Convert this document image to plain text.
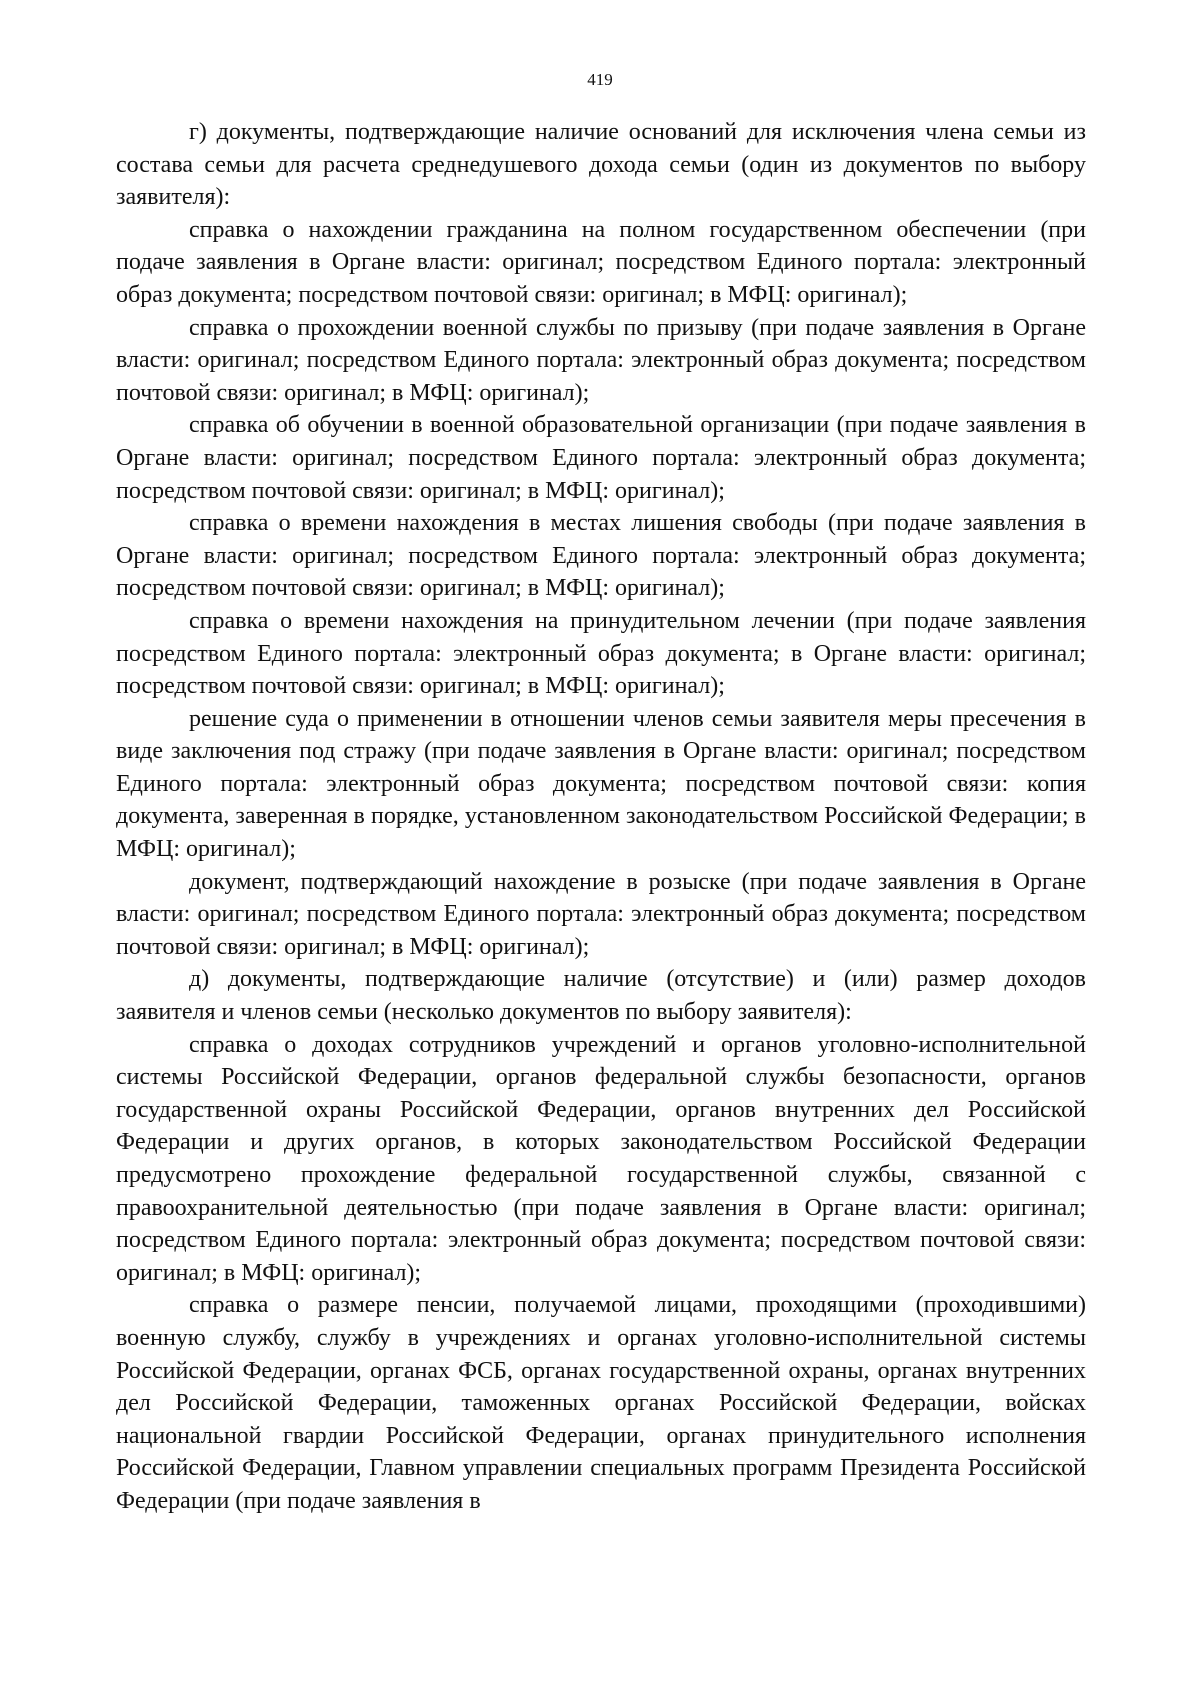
419

г) документы, подтверждающие наличие оснований для исключения члена семьи из состава семьи для расчета среднедушевого дохода семьи (один из документов по выбору заявителя):

справка о нахождении гражданина на полном государственном обеспечении (при подаче заявления в Органе власти: оригинал; посредством Единого портала: электронный образ документа; посредством почтовой связи: оригинал; в МФЦ: оригинал);

справка о прохождении военной службы по призыву (при подаче заявления в Органе власти: оригинал; посредством Единого портала: электронный образ документа; посредством почтовой связи: оригинал; в МФЦ: оригинал);

справка об обучении в военной образовательной организации (при подаче заявления в Органе власти: оригинал; посредством Единого портала: электронный образ документа; посредством почтовой связи: оригинал; в МФЦ: оригинал);

справка о времени нахождения в местах лишения свободы (при подаче заявления в Органе власти: оригинал; посредством Единого портала: электронный образ документа; посредством почтовой связи: оригинал; в МФЦ: оригинал);

справка о времени нахождения на принудительном лечении (при подаче заявления посредством Единого портала: электронный образ документа; в Органе власти: оригинал; посредством почтовой связи: оригинал; в МФЦ: оригинал);

решение суда о применении в отношении членов семьи заявителя меры пресечения в виде заключения под стражу (при подаче заявления в Органе власти: оригинал; посредством Единого портала: электронный образ документа; посредством почтовой связи: копия документа, заверенная в порядке, установленном законодательством Российской Федерации; в МФЦ: оригинал);

документ, подтверждающий нахождение в розыске (при подаче заявления в Органе власти: оригинал; посредством Единого портала: электронный образ документа; посредством почтовой связи: оригинал; в МФЦ: оригинал);

д) документы, подтверждающие наличие (отсутствие) и (или) размер доходов заявителя и членов семьи (несколько документов по выбору заявителя):

справка о доходах сотрудников учреждений и органов уголовно-исполнительной системы Российской Федерации, органов федеральной службы безопасности, органов государственной охраны Российской Федерации, органов внутренних дел Российской Федерации и других органов, в которых законодательством Российской Федерации предусмотрено прохождение федеральной государственной службы, связанной с правоохранительной деятельностью (при подаче заявления в Органе власти: оригинал; посредством Единого портала: электронный образ документа; посредством почтовой связи: оригинал; в МФЦ: оригинал);

справка о размере пенсии, получаемой лицами, проходящими (проходившими) военную службу, службу в учреждениях и органах уголовно-исполнительной системы Российской Федерации, органах ФСБ, органах государственной охраны, органах внутренних дел Российской Федерации, таможенных органах Российской Федерации, войсках национальной гвардии Российской Федерации, органах принудительного исполнения Российской Федерации, Главном управлении специальных программ Президента Российской Федерации (при подаче заявления в
